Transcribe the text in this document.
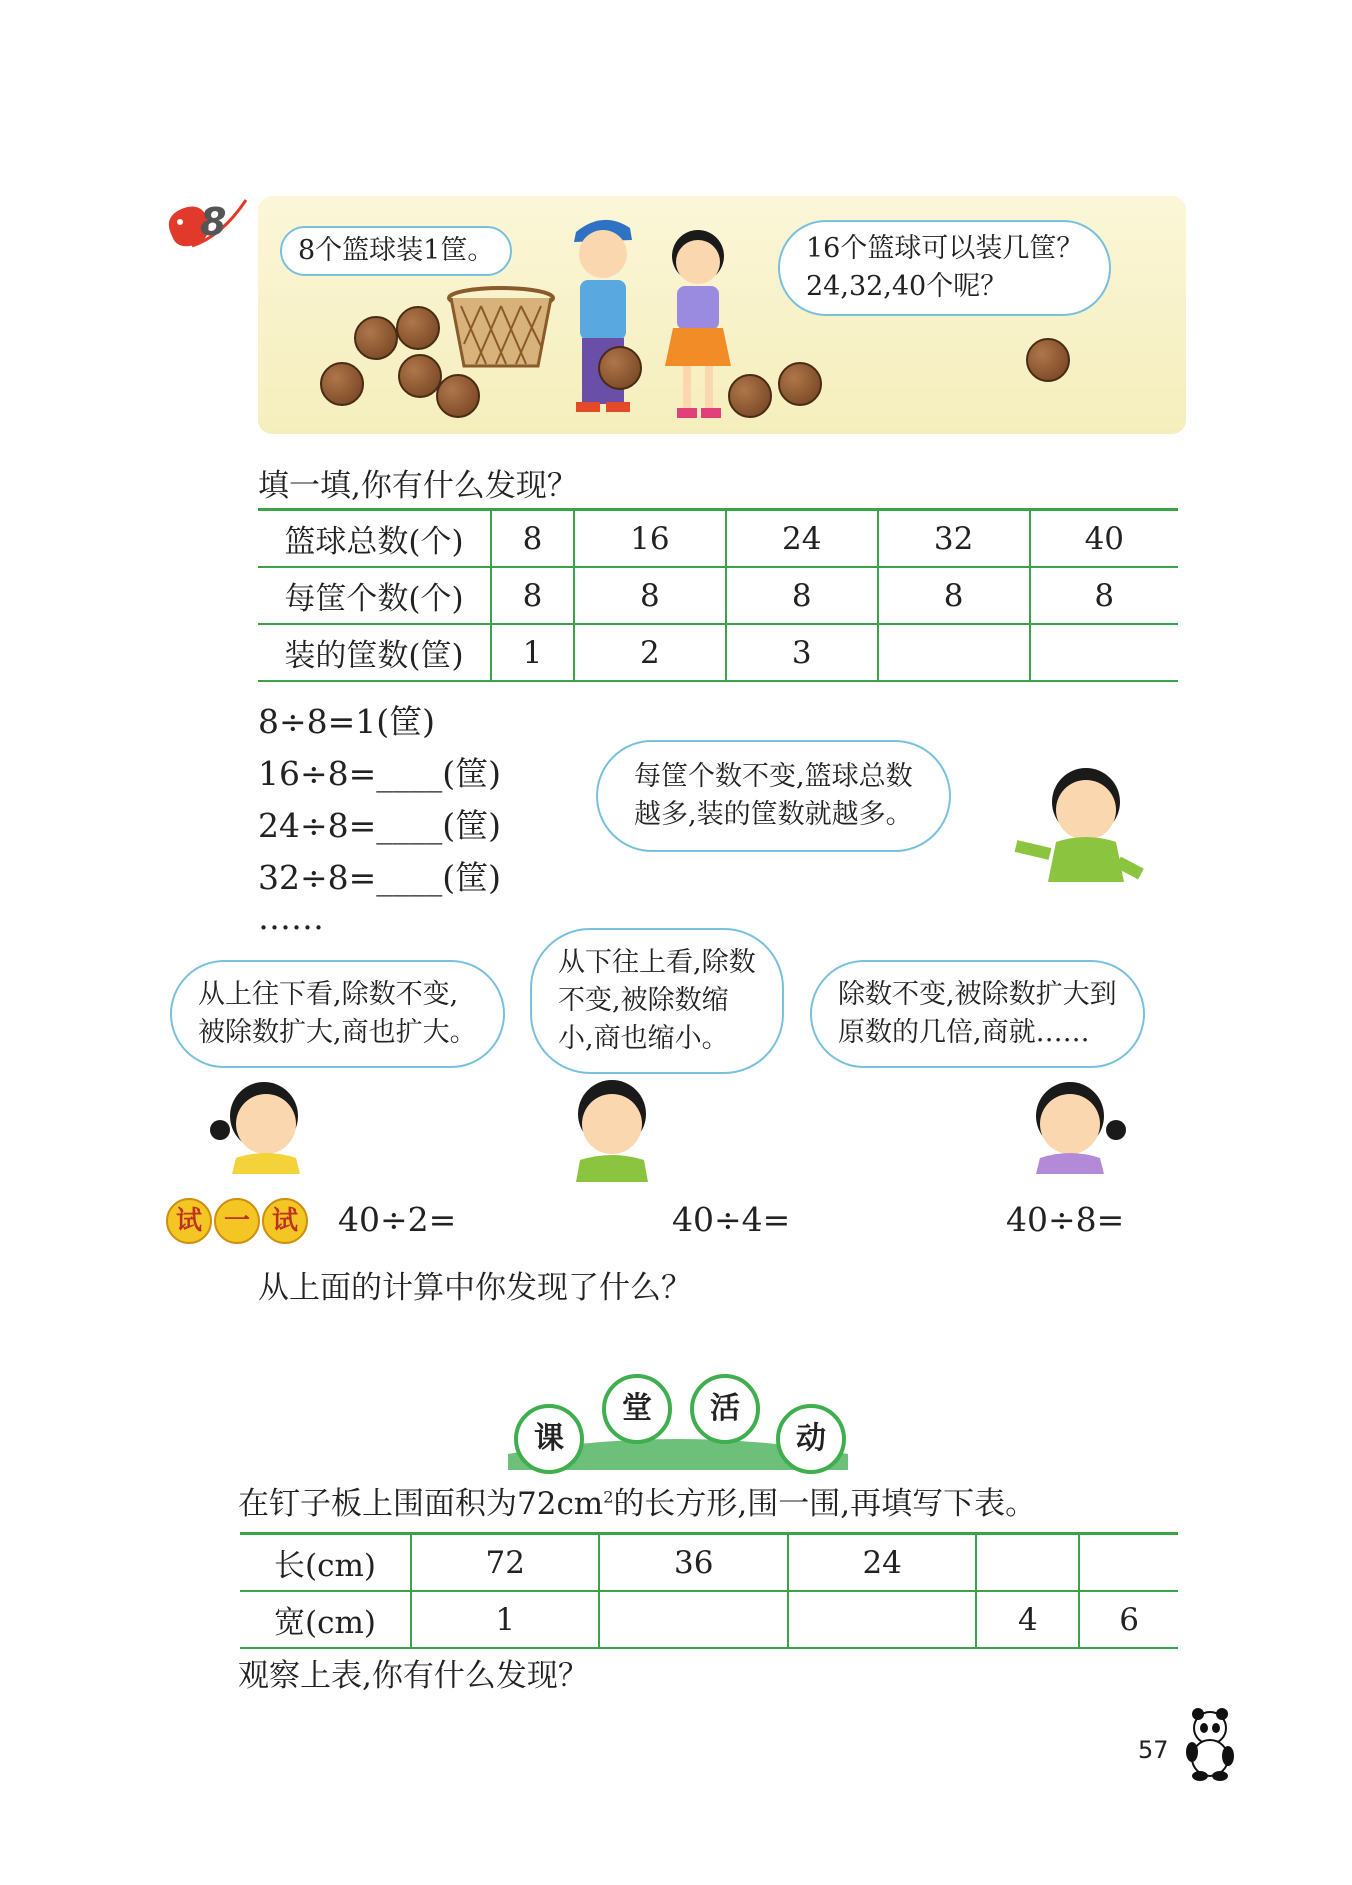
8
8个篮球装1筐。	16个篮球可以装几筐？
24,32,40个呢？
填一填,你有什么发现？
篮球总数(个)	8	16	24	32	40
每筐个数(个)	8	8	8	8	8
装的筐数(筐)	1	2	3		
8÷8=1(筐)
16÷8=____(筐)
24÷8=____(筐)
32÷8=____(筐)
……
每筐个数不变,篮球总数
越多,装的筐数就越多。
从上往下看,除数不变,
被除数扩大,商也扩大。
从下往上看,除数
不变,被除数缩
小,商也缩小。
除数不变,被除数扩大到
原数的几倍,商就……
试 一 试	40÷2=	40÷4=	40÷8=
从上面的计算中你发现了什么？
课
堂	活
动
在钉子板上围面积为$72cm^2$的长方形,围一围,再填写下表。
长(cm)	72	36	24		
宽(cm)	1			4	6
观察上表,你有什么发现？
57
